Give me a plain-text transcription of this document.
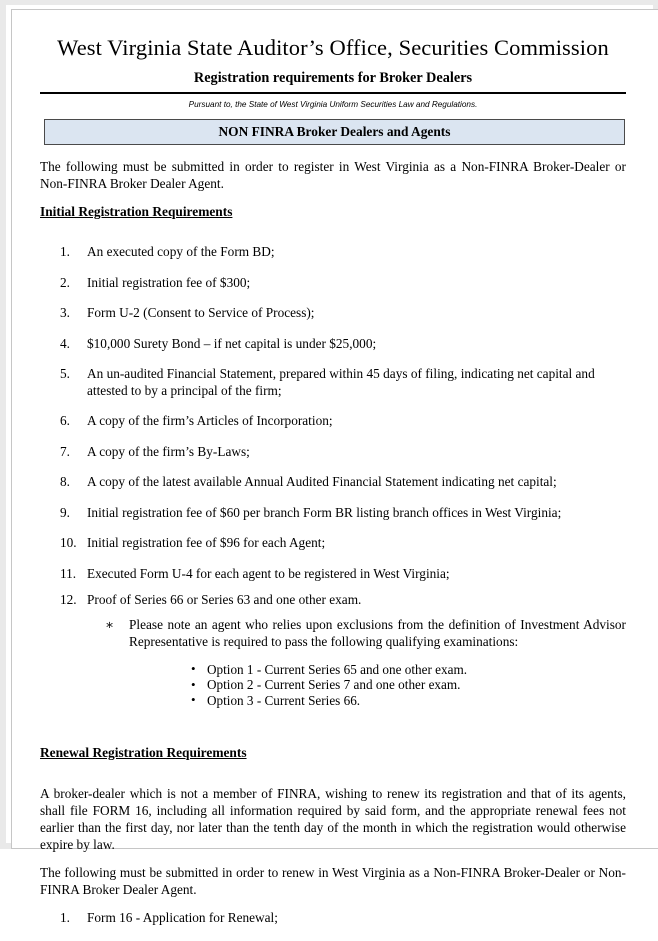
West Virginia State Auditor’s Office, Securities Commission
Registration requirements for Broker Dealers
Pursuant to, the State of West Virginia Uniform Securities Law and Regulations.
NON FINRA Broker Dealers and Agents

The following must be submitted in order to register in West Virginia as a Non-FINRA Broker-Dealer or Non-FINRA Broker Dealer Agent.

Initial Registration Requirements
1.	An executed copy of the Form BD;
2.	Initial registration fee of $300;
3.	Form U-2 (Consent to Service of Process);
4.	$10,000 Surety Bond – if net capital is under $25,000;
5.	An un-audited Financial Statement, prepared within 45 days of filing, indicating net capital and attested to by a principal of the firm;
6.	A copy of the firm’s Articles of Incorporation;
7.	A copy of the firm’s By-Laws;
8.	A copy of the latest available Annual Audited Financial Statement indicating net capital;
9.	Initial registration fee of $60 per branch Form BR listing branch offices in West Virginia;
10. Initial registration fee of $96 for each Agent;
11. Executed Form U-4 for each agent to be registered in West Virginia;
12. Proof of Series 66 or Series 63 and one other exam.
∗ Please note an agent who relies upon exclusions from the definition of Investment Advisor Representative is required to pass the following qualifying examinations:
• Option 1 - Current Series 65 and one other exam.
• Option 2 - Current Series 7 and one other exam.
• Option 3 - Current Series 66.
Renewal Registration Requirements

A broker-dealer which is not a member of FINRA, wishing to renew its registration and that of its agents, shall file FORM 16, including all information required by said form, and the appropriate renewal fees not earlier than the first day, nor later than the tenth day of the month in which the registration would otherwise expire by law.

The following must be submitted in order to renew in West Virginia as a Non-FINRA Broker-Dealer or Non-FINRA Broker Dealer Agent.

1.	Form 16 - Application for Renewal;
